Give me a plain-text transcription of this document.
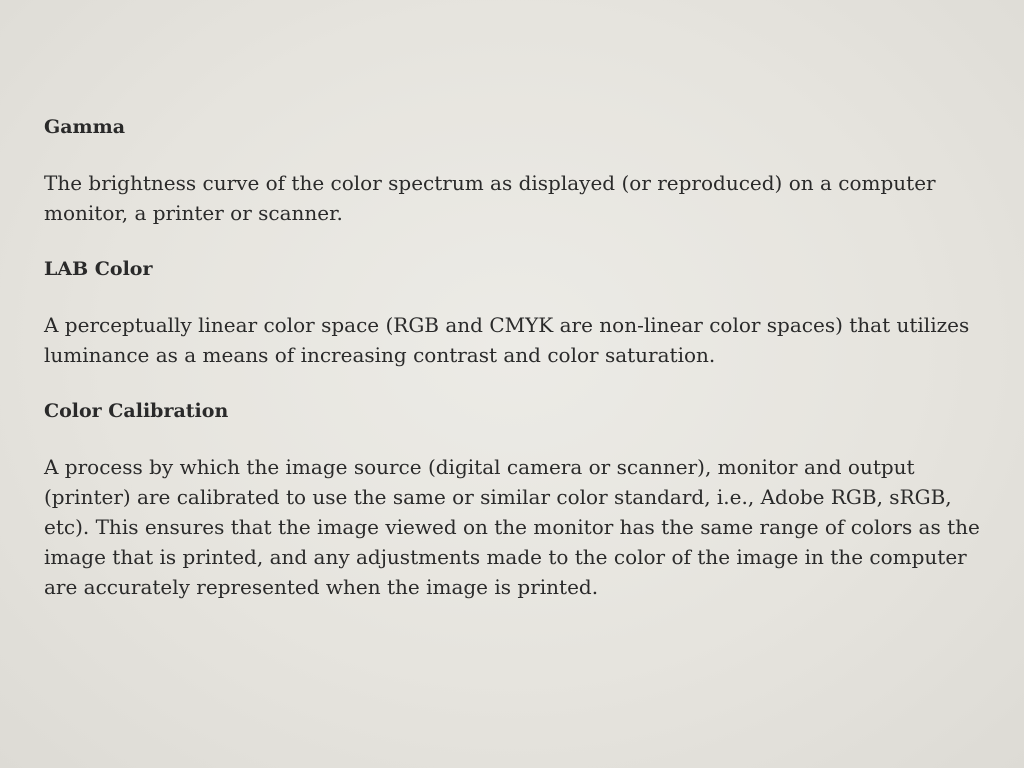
Gamma

The brightness curve of the color spectrum as displayed (or reproduced) on a computer monitor, a printer or scanner.

LAB Color

A perceptually linear color space (RGB and CMYK are non-linear color spaces) that utilizes luminance as a means of increasing contrast and color saturation.

Color Calibration

A process by which the image source (digital camera or scanner), monitor and output (printer) are calibrated to use the same or similar color standard, i.e., Adobe RGB, sRGB, etc). This ensures that the image viewed on the monitor has the same range of colors as the image that is printed, and any adjustments made to the color of the image in the computer are accurately represented when the image is printed.
